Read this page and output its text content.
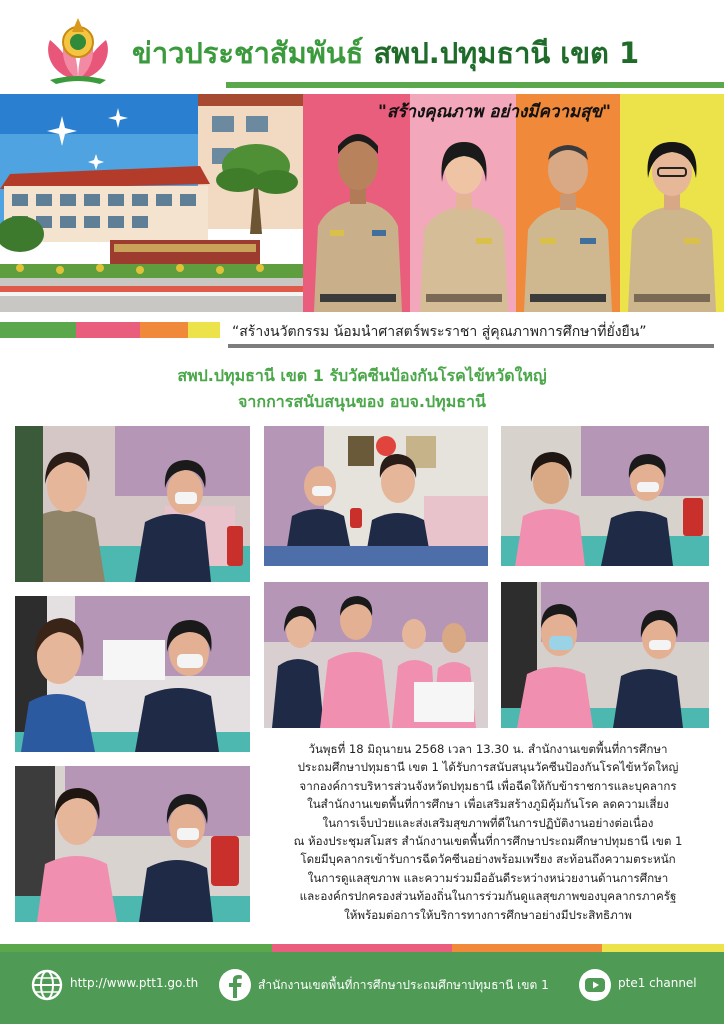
ข่าวประชาสัมพันธ์ สพป.ปทุมธานี เขต 1
"สร้างคุณภาพ อย่างมีความสุข"
“สร้างนวัตกรรม น้อมนำศาสตร์พระราชา สู่คุณภาพการศึกษาที่ยั่งยืน”
สพป.ปทุมธานี เขต 1 รับวัคซีนป้องกันโรคไข้หวัดใหญ่
จากการสนับสนุนของ อบจ.ปทุมธานี
วันพุธที่ 18 มิถุนายน 2568 เวลา 13.30 น. สำนักงานเขตพื้นที่การศึกษา
ประถมศึกษาปทุมธานี เขต 1 ได้รับการสนับสนุนวัคซีนป้องกันโรคไข้หวัดใหญ่
จากองค์การบริหารส่วนจังหวัดปทุมธานี เพื่อฉีดให้กับข้าราชการและบุคลากร
ในสำนักงานเขตพื้นที่การศึกษา เพื่อเสริมสร้างภูมิคุ้มกันโรค ลดความเสี่ยง
ในการเจ็บป่วยและส่งเสริมสุขภาพที่ดีในการปฏิบัติงานอย่างต่อเนื่อง
ณ ห้องประชุมสโมสร สำนักงานเขตพื้นที่การศึกษาประถมศึกษาปทุมธานี เขต 1
โดยมีบุคลากรเข้ารับการฉีดวัคซีนอย่างพร้อมเพรียง สะท้อนถึงความตระหนัก
ในการดูแลสุขภาพ และความร่วมมืออันดีระหว่างหน่วยงานด้านการศึกษา
และองค์กรปกครองส่วนท้องถิ่นในการร่วมกันดูแลสุขภาพของบุคลากรภาครัฐ
ให้พร้อมต่อการให้บริการทางการศึกษาอย่างมีประสิทธิภาพ
http://www.ptt1.go.th	สำนักงานเขตพื้นที่การศึกษาประถมศึกษาปทุมธานี เขต 1	pte1 channel
